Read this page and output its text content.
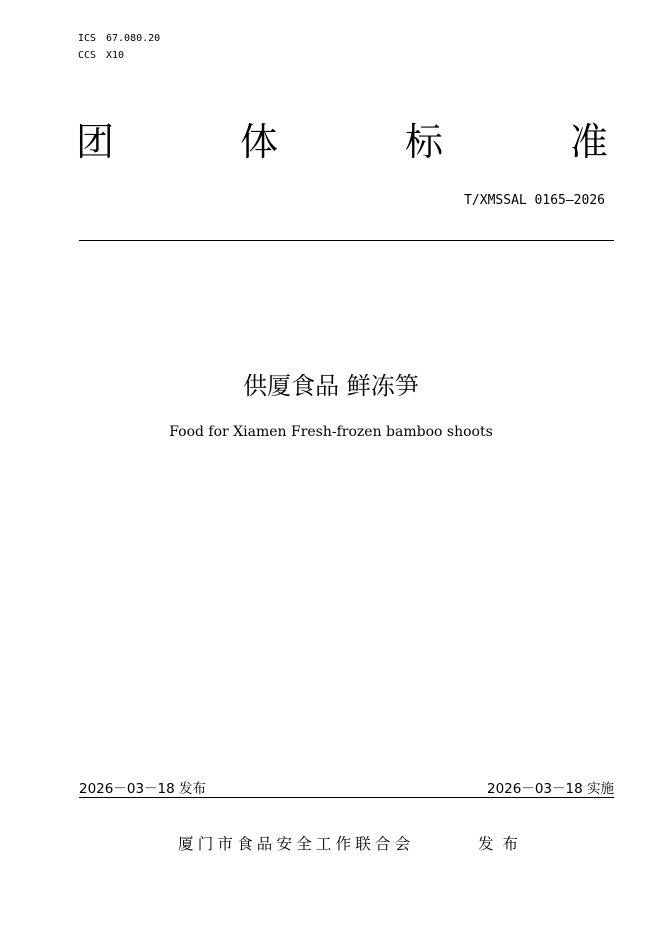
ICS 67.080.20
CCS X10
团	体	标	准
T/XMSSAL 0165—2026
供厦食品 鲜冻笋
Food for Xiamen Fresh-frozen bamboo shoots
2026－03－18 发布	2026－03－18 实施
厦门市食品安全工作联合会	发布
